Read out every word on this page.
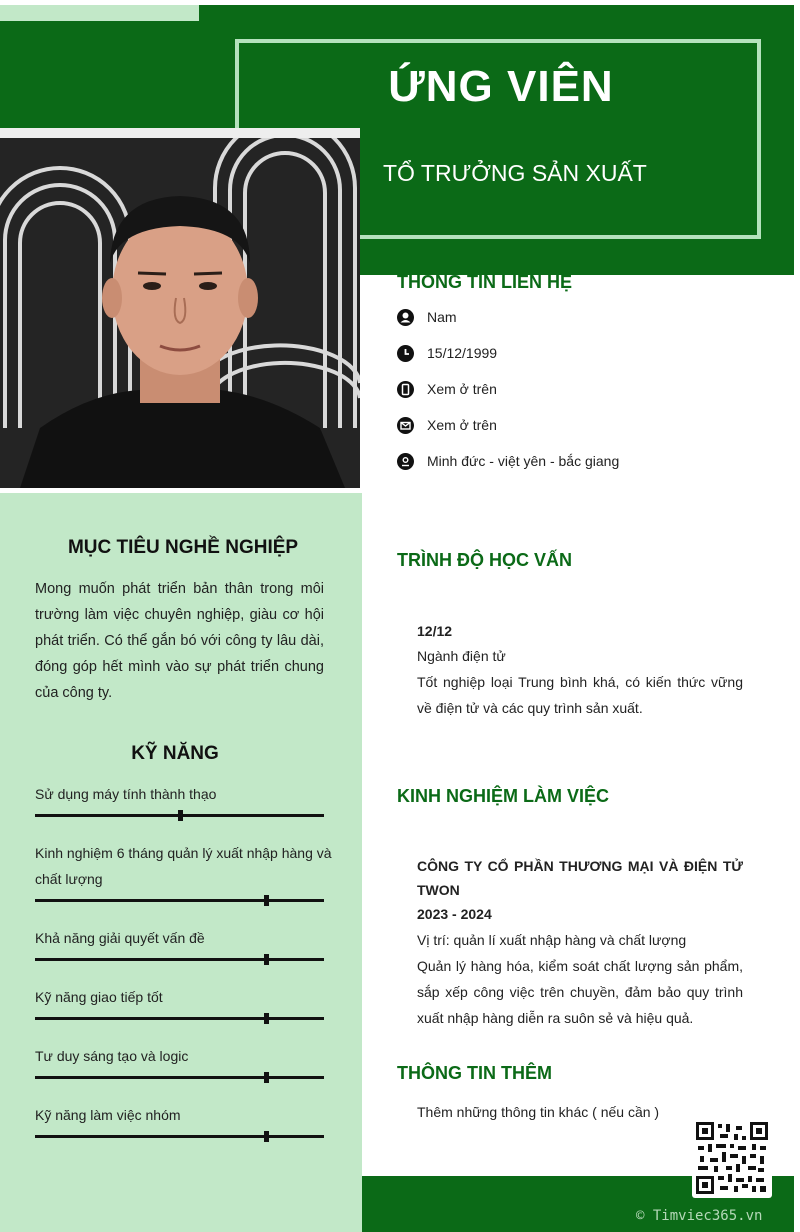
ỨNG VIÊN
TỔ TRƯỞNG SẢN XUẤT
MỤC TIÊU NGHỀ NGHIỆP
Mong muốn phát triển bản thân trong môi trường làm việc chuyên nghiệp, giàu cơ hội phát triển. Có thể gắn bó với công ty lâu dài, đóng góp hết mình vào sự phát triển chung của công ty.
KỸ NĂNG
Sử dụng máy tính thành thạo
Kinh nghiệm 6 tháng quản lý xuất nhập hàng và chất lượng
Khả năng giải quyết vấn đề
Kỹ năng giao tiếp tốt
Tư duy sáng tạo và logic
Kỹ năng làm việc nhóm
THÔNG TIN LIÊN HỆ
Nam
15/12/1999
Xem ở trên
Xem ở trên
Minh đức - việt yên - bắc giang
TRÌNH ĐỘ HỌC VẤN
12/12
Ngành điện tử
Tốt nghiệp loại Trung bình khá, có kiến thức vững về điện tử và các quy trình sản xuất.
KINH NGHIỆM LÀM VIỆC
CÔNG TY CỔ PHẦN THƯƠNG MẠI VÀ ĐIỆN TỬ TWON
2023 - 2024
Vị trí: quản lí xuất nhập hàng và chất lượng
Quản lý hàng hóa, kiểm soát chất lượng sản phẩm, sắp xếp công việc trên chuyền, đảm bảo quy trình xuất nhập hàng diễn ra suôn sẻ và hiệu quả.
THÔNG TIN THÊM
Thêm những thông tin khác ( nếu cần )
© Timviec365.vn
